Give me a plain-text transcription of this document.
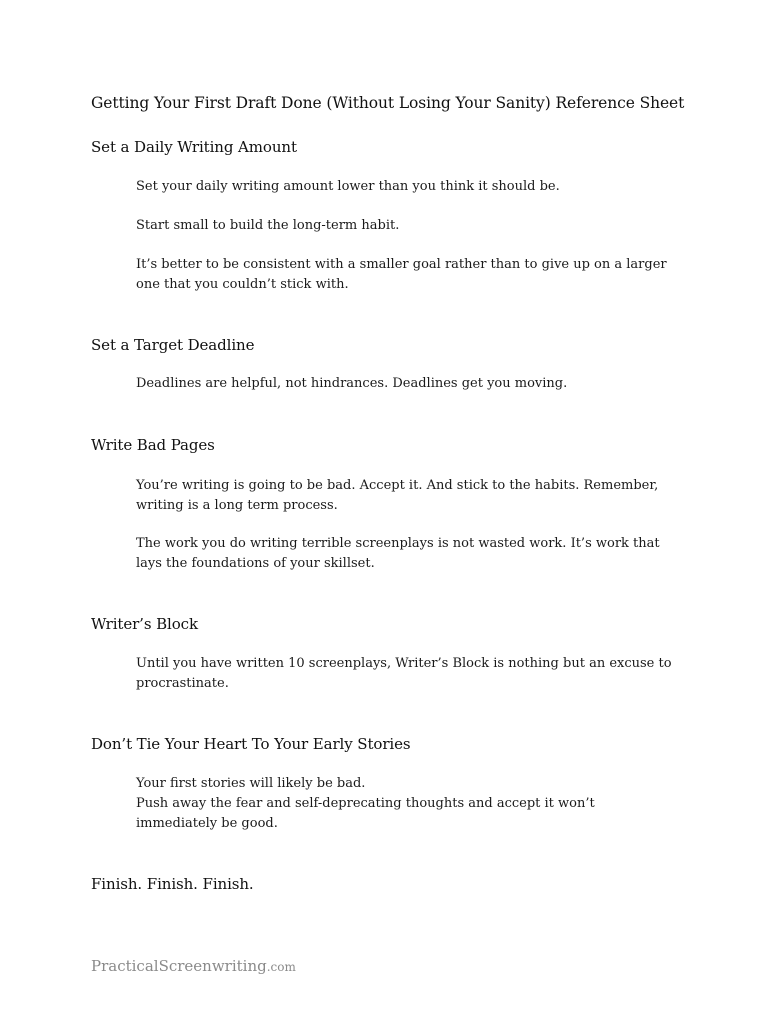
Getting Your First Draft Done (Without Losing Your Sanity) Reference Sheet
Set a Daily Writing Amount

Set your daily writing amount lower than you think it should be.

Start small to build the long-term habit.

It’s better to be consistent with a smaller goal rather than to give up on a larger one that you couldn’t stick with.

Set a Target Deadline

Deadlines are helpful, not hindrances. Deadlines get you moving.

Write Bad Pages

You’re writing is going to be bad. Accept it. And stick to the habits. Remember, writing is a long term process.

The work you do writing terrible screenplays is not wasted work. It’s work that lays the foundations of your skillset.

Writer’s Block

Until you have written 10 screenplays, Writer’s Block is nothing but an excuse to procrastinate.

Don’t Tie Your Heart To Your Early Stories

Your first stories will likely be bad.

Push away the fear and self-deprecating thoughts and accept it won’t immediately be good.

Finish. Finish. Finish.
PracticalScreenwriting.com
